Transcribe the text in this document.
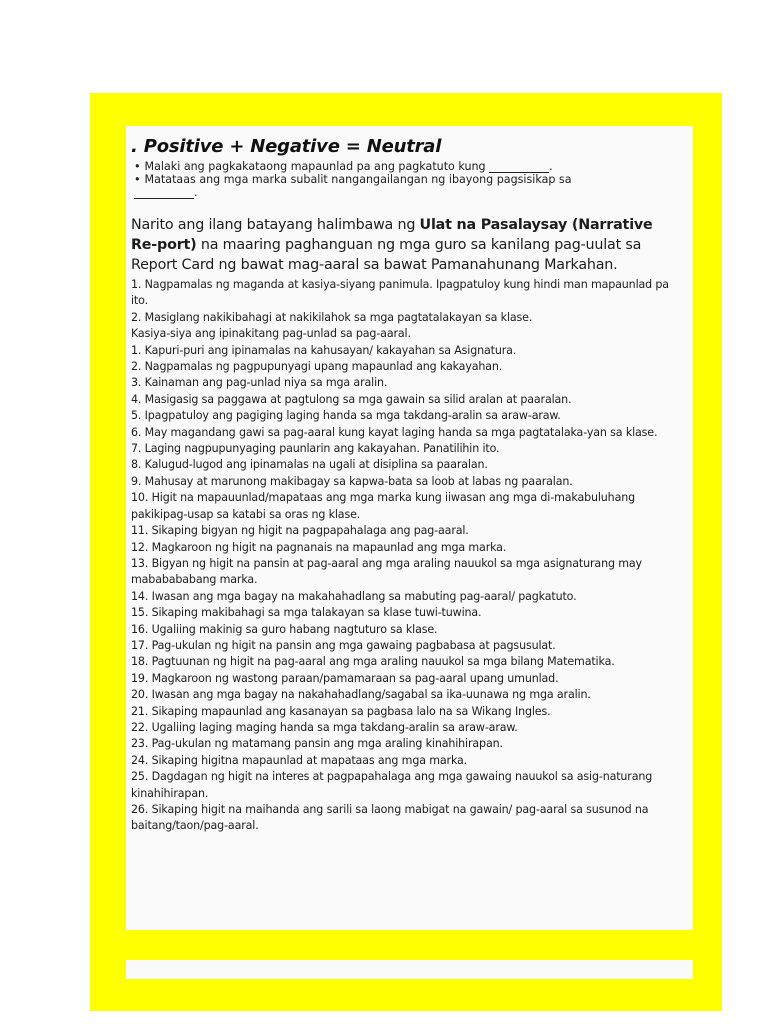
. Positive + Negative = Neutral
• Malaki ang pagkakataong mapaunlad pa ang pagkatuto kung	.
• Matataas ang mga marka subalit nangangailangan ng ibayong pagsisikap sa
.
Narito ang ilang batayang halimbawa ng Ulat na Pasalaysay (Narrative Re-port) na maaring paghanguan ng mga guro sa kanilang pag-uulat sa Report Card ng bawat mag-aaral sa bawat Pamanahunang Markahan.
1. Nagpamalas ng maganda at kasiya-siyang panimula. Ipagpatuloy kung hindi man mapaunlad pa ito.
2. Masiglang nakikibahagi at nakikilahok sa mga pagtatalakayan sa klase.
Kasiya-siya ang ipinakitang pag-unlad sa pag-aaral.
1. Kapuri-puri ang ipinamalas na kahusayan/ kakayahan sa Asignatura.
2. Nagpamalas ng pagpupunyagi upang mapaunlad ang kakayahan.
3. Kainaman ang pag-unlad niya sa mga aralin.
4. Masigasig sa paggawa at pagtulong sa mga gawain sa silid aralan at paaralan.
5. Ipagpatuloy ang pagiging laging handa sa mga takdang-aralin sa araw-araw.
6. May magandang gawi sa pag-aaral kung kayat laging handa sa mga pagtatalaka-yan sa klase.
7. Laging nagpupunyaging paunlarin ang kakayahan. Panatilihin ito.
8. Kalugud-lugod ang ipinamalas na ugali at disiplina sa paaralan.
9. Mahusay at marunong makibagay sa kapwa-bata sa loob at labas ng paaralan.
10. Higit na mapauunlad/mapataas ang mga marka kung iiwasan ang mga di-makabuluhang pakikipag-usap sa katabi sa oras ng klase.
11. Sikaping bigyan ng higit na pagpapahalaga ang pag-aaral.
12. Magkaroon ng higit na pagnanais na mapaunlad ang mga marka.
13. Bigyan ng higit na pansin at pag-aaral ang mga araling nauukol sa mga asignaturang may mababababang marka.
14. Iwasan ang mga bagay na makahahadlang sa mabuting pag-aaral/ pagkatuto.
15. Sikaping makibahagi sa mga talakayan sa klase tuwi-tuwina.
16. Ugaliing makinig sa guro habang nagtuturo sa klase.
17. Pag-ukulan ng higit na pansin ang mga gawaing pagbabasa at pagsusulat.
18. Pagtuunan ng higit na pag-aaral ang mga araling nauukol sa mga bilang Matematika.
19. Magkaroon ng wastong paraan/pamamaraan sa pag-aaral upang umunlad.
20. Iwasan ang mga bagay na nakahahadlang/sagabal sa ika-uunawa ng mga aralin.
21. Sikaping mapaunlad ang kasanayan sa pagbasa lalo na sa Wikang Ingles.
22. Ugaliing laging maging handa sa mga takdang-aralin sa araw-araw.
23. Pag-ukulan ng matamang pansin ang mga araling kinahihirapan.
24. Sikaping higitna mapaunlad at mapataas ang mga marka.
25. Dagdagan ng higit na interes at pagpapahalaga ang mga gawaing nauukol sa asig-naturang kinahihirapan.
26. Sikaping higit na maihanda ang sarili sa laong mabigat na gawain/ pag-aaral sa susunod na baitang/taon/pag-aaral.
